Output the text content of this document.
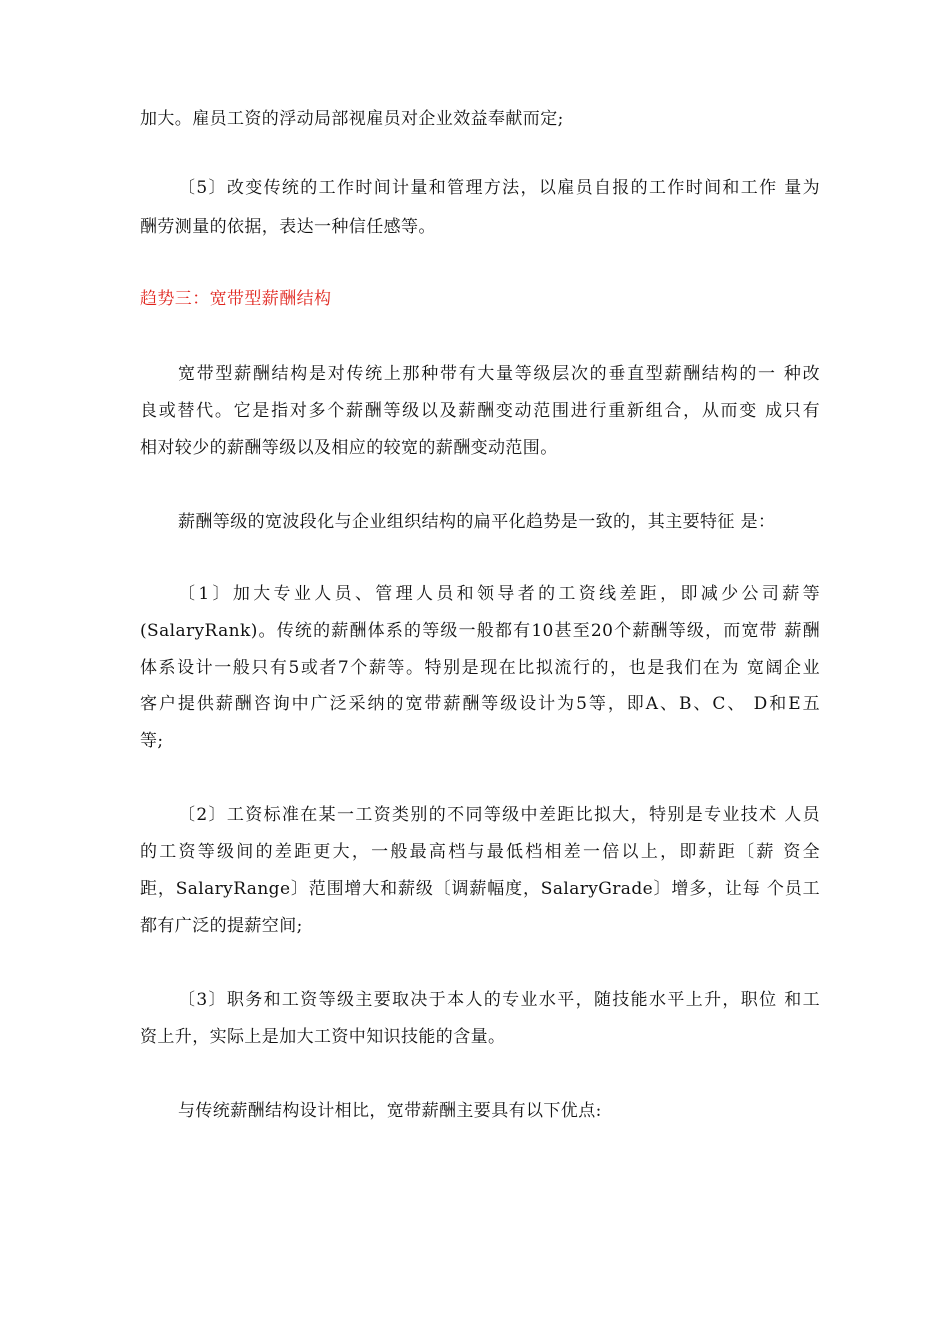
加大。雇员工资的浮动局部视雇员对企业效益奉献而定;
〔5〕改变传统的工作时间计量和管理方法，以雇员自报的工作时间和工作 量为
酬劳测量的依据，表达一种信任感等。
趋势三：宽带型薪酬结构
宽带型薪酬结构是对传统上那种带有大量等级层次的垂直型薪酬结构的一 种改
良或替代。它是指对多个薪酬等级以及薪酬变动范围进行重新组合，从而变 成只有
相对较少的薪酬等级以及相应的较宽的薪酬变动范围。
薪酬等级的宽波段化与企业组织结构的扁平化趋势是一致的，其主要特征 是：
〔1〕加大专业人员、管理人员和领导者的工资线差距，即减少公司薪等
(SalaryRank)。传统的薪酬体系的等级一般都有10甚至20个薪酬等级，而宽带 薪酬
体系设计一般只有5或者7个薪等。特别是现在比拟流行的，也是我们在为 宽阔企业
客户提供薪酬咨询中广泛采纳的宽带薪酬等级设计为5等，即A、B、C、 D和E五
等;
〔2〕工资标准在某一工资类别的不同等级中差距比拟大，特别是专业技术 人员
的工资等级间的差距更大，一般最高档与最低档相差一倍以上，即薪距〔薪 资全
距，SalaryRange〕范围增大和薪级〔调薪幅度，SalaryGrade〕增多，让每 个员工
都有广泛的提薪空间;
〔3〕职务和工资等级主要取决于本人的专业水平，随技能水平上升，职位 和工
资上升，实际上是加大工资中知识技能的含量。
与传统薪酬结构设计相比，宽带薪酬主要具有以下优点:
